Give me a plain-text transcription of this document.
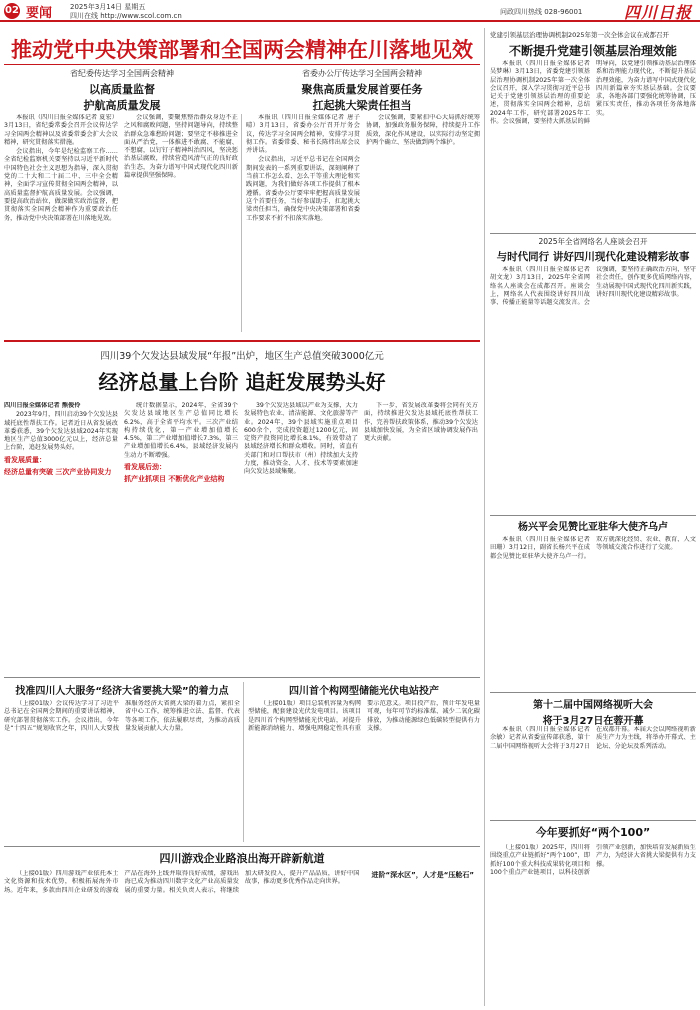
02 要闻	2025年3月14日 星期五
四川在线 http://www.scol.com.cn	问政四川热线 028-96001	四川日报
推动党中央决策部署和全国两会精神在川落地见效
省纪委传达学习全国两会精神
以高质量监督
护航高质量发展
省委办公厅传达学习全国两会精神
聚焦高质量发展首要任务
扛起挑大梁责任担当

本报讯（四川日报全媒体记者 夏宏）3月13日，省纪委常委会召开会议传达学习全国两会精神以及省委常委会扩大会议精神，研究贯彻落实措施。

会议指出，今年是纪检监察工作……全省纪检监察机关要坚持以习近平新时代中国特色社会主义思想为指导，深入贯彻党的二十大和二十届二中、三中全会精神，全面学习宣传贯彻全国两会精神，以高质量监督护航高质量发展。会议强调，要提高政治站位，做深做实政治监督，把贯彻落实全国两会精神作为重要政治任务，推动党中央决策部署在川落地见效。

会议强调，要聚焦整治群众身边不正之风和腐败问题，坚持问题导向，持续整治群众急难愁盼问题；要坚定不移推进全面从严治党，一体推进不敢腐、不能腐、不想腐，以钉钉子精神纠治四风，坚决惩治基层腐败，持续营造风清气正的良好政治生态，为奋力谱写中国式现代化四川新篇章提供坚强保障。

本报讯（四川日报全媒体记者 唐子晴）3月13日，省委办公厅召开厅务会议，传达学习全国两会精神，安排学习贯彻工作。省委常委、秘书长陈炜出席会议并讲话。

会议指出，习近平总书记在全国两会期间发表的一系列重要讲话，深刻阐释了当前工作怎么看、怎么干等重大理论和实践问题，为我们做好各项工作提供了根本遵循。省委办公厅要牢牢把握高质量发展这个首要任务，当好参谋助手，扛起挑大梁责任担当，确保党中央决策部署和省委工作要求不折不扣落实落地。

会议强调，要紧扣中心大局抓好统筹协调，加强政务服务保障，持续提升工作质效，深化作风建设，以实际行动坚定拥护两个确立、坚决做到两个维护。

四川39个欠发达县域发展“年报”出炉，地区生产总值突破3000亿元
经济总量上台阶 追赶发展势头好

四川日报全媒体记者 熊俊伶

2023年9月，四川启动39个欠发达县域托底性帮扶工作。记者近日从省发展改革委获悉，39个欠发达县域2024年实现地区生产总值3000亿元以上，经济总量上台阶，追赶发展势头好。

看发展质量：

经济总量有突破 三次产业协同发力

统计数据显示，2024年，全省39个欠发达县域地区生产总值同比增长6.2%，高于全省平均水平。三次产业结构持续优化，第一产业增加值增长4.5%，第二产业增加值增长7.3%，第三产业增加值增长6.4%，县域经济发展内生动力不断增强。

看发展后劲：

抓产业抓项目 不断优化产业结构

39个欠发达县域以产业为支撑，大力发展特色农业、清洁能源、文化旅游等产业。2024年，39个县域实施重点项目600余个，完成投资超过1200亿元，固定资产投资同比增长8.1%，有效带动了县域经济增长和群众增收。同时，省直有关部门和对口帮扶市（州）持续加大支持力度，推动资金、人才、技术等要素加速向欠发达县域集聚。

下一步，省发展改革委将会同有关方面，持续推进欠发达县域托底性帮扶工作，完善帮扶政策体系，推动39个欠发达县域加快发展，为全省区域协调发展作出更大贡献。

找准四川人大服务“经济大省要挑大梁”的着力点

（上接01版）会议传达学习了习近平总书记在全国两会期间的重要讲话精神，研究部署贯彻落实工作。会议指出，今年是“十四五”规划收官之年，四川人大要找准服务经济大省挑大梁的着力点，紧扣全省中心工作，统筹推进立法、监督、代表等各项工作，依法履职尽责，为推动高质量发展贡献人大力量。

四川首个构网型储能光伏电站投产

（上接01版）项目总装机容量为构网型储能，配套建设光伏发电项目。该项目是四川首个构网型储能光伏电站，对提升新能源消纳能力、增强电网稳定性具有重要示范意义。项目投产后，预计年发电量可观，每年可节约标准煤、减少二氧化碳排放，为推动能源绿色低碳转型提供有力支撑。

四川游戏企业路浪出海开辟新航道

（上接01版）四川游戏产业依托本土文化资源和技术优势，积极拓展海外市场。近年来，多款由四川企业研发的游戏产品在海外上线并取得良好成绩，游戏出海已成为推动四川数字文化产业高质量发展的重要力量。相关负责人表示，将继续加大研发投入，提升产品品质，讲好中国故事，推动更多优秀作品走向世界。

进阶“深水区”，人才是“压舱石”

党建引领基层治理协调机制2025年第一次全体会议在成都召开
不断提升党建引领基层治理效能

本报讯（四川日报全媒体记者 吴梦琳）3月13日，省委党建引领基层治理协调机制2025年第一次全体会议召开，深入学习贯彻习近平总书记关于党建引领基层治理的重要论述，贯彻落实全国两会精神，总结2024年工作，研究部署2025年工作。会议强调，要坚持大抓基层的鲜明导向，以党建引领推动基层治理体系和治理能力现代化，不断提升基层治理效能，为奋力谱写中国式现代化四川新篇章夯实基层基础。会议要求，各地各部门要强化统筹协调，压紧压实责任，推动各项任务落地落实。

2025年全省网络名人座谈会召开
与时代同行 讲好四川现代化建设精彩故事

本报讯（四川日报全媒体记者 胡文龙）3月13日，2025年全省网络名人座谈会在成都召开。座谈会上，网络名人代表围绕讲好四川故事、传播正能量等话题交流发言。会议强调，要坚持正确政治方向，坚守社会责任，创作更多优质网络内容，生动展现中国式现代化四川新实践，讲好四川现代化建设精彩故事。

杨兴平会见赞比亚驻华大使齐乌卢

本报讯（四川日报全媒体记者 田珊）3月12日，副省长杨兴平在成都会见赞比亚驻华大使齐乌卢一行。双方就深化经贸、农业、教育、人文等领域交流合作进行了交流。

第十二届中国网络视听大会
将于3月27日在蓉开幕

本报讯（四川日报全媒体记者 余敏）记者从省委宣传部获悉，第十二届中国网络视听大会将于3月27日在成都开幕。本届大会以网络视听新质生产力为主线，将举办开幕式、主论坛、分论坛及系列活动。

今年要抓好“两个100”

（上接01版）2025年，四川将围绕重点产业链抓好“两个100”，即抓好100个重大科技成果转化项目和100个重点产业链项目，以科技创新引领产业创新，加快培育发展新质生产力，为经济大省挑大梁提供有力支撑。
